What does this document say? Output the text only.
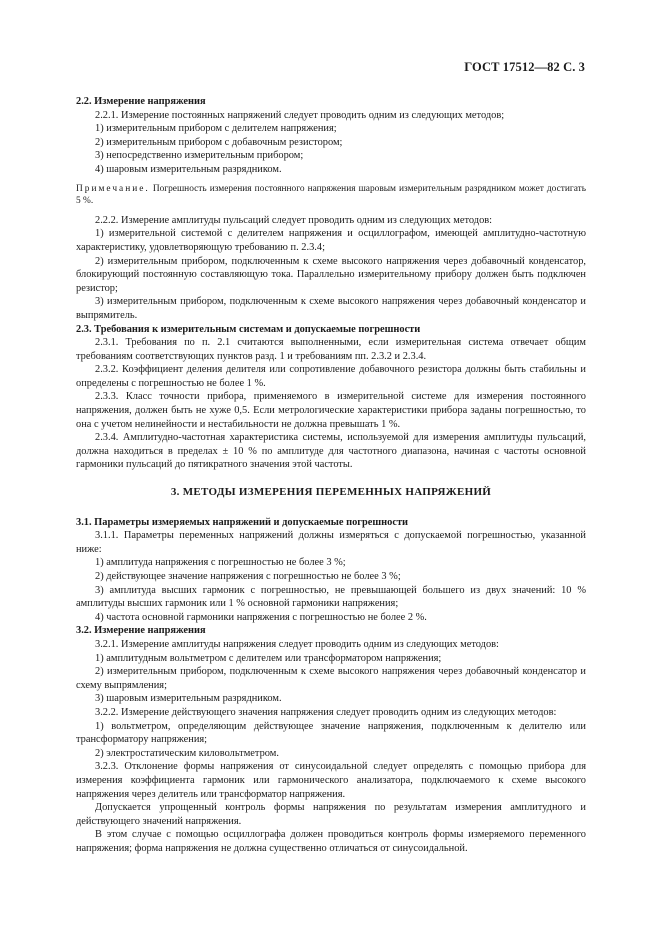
ГОСТ 17512—82 С. 3

2.2. Измерение напряжения

2.2.1. Измерение постоянных напряжений следует проводить одним из следующих методов;

1) измерительным прибором с делителем напряжения;

2) измерительным прибором с добавочным резистором;

3) непосредственно измерительным прибором;

4) шаровым измерительным разрядником.

Примечание. Погрешность измерения постоянного напряжения шаровым измерительным разрядником может достигать 5 %.

2.2.2. Измерение амплитуды пульсаций следует проводить одним из следующих методов:

1) измерительной системой с делителем напряжения и осциллографом, имеющей амплитудно-частотную характеристику, удовлетворяющую требованию п. 2.3.4;

2) измерительным прибором, подключенным к схеме высокого напряжения через добавочный конденсатор, блокирующий постоянную составляющую тока. Параллельно измерительному прибору должен быть подключен резистор;

3) измерительным прибором, подключенным к схеме высокого напряжения через добавочный конденсатор и выпрямитель.

2.3. Требования к измерительным системам и допускаемые погрешности

2.3.1. Требования по п. 2.1 считаются выполненными, если измерительная система отвечает общим требованиям соответствующих пунктов разд. 1 и требованиям пп. 2.3.2 и 2.3.4.

2.3.2. Коэффициент деления делителя или сопротивление добавочного резистора должны быть стабильны и определены с погрешностью не более 1 %.

2.3.3. Класс точности прибора, применяемого в измерительной системе для измерения постоянного напряжения, должен быть не хуже 0,5. Если метрологические характеристики прибора заданы погрешностью, то она с учетом нелинейности и нестабильности не должна превышать 1 %.

2.3.4. Амплитудно-частотная характеристика системы, используемой для измерения амплитуды пульсаций, должна находиться в пределах ± 10 % по амплитуде для частотного диапазона, начиная с частоты основной гармоники пульсаций до пятикратного значения этой частоты.

3. МЕТОДЫ ИЗМЕРЕНИЯ ПЕРЕМЕННЫХ НАПРЯЖЕНИЙ

3.1. Параметры измеряемых напряжений и допускаемые погрешности

3.1.1. Параметры переменных напряжений должны измеряться с допускаемой погрешностью, указанной ниже:

1) амплитуда напряжения с погрешностью не более 3 %;

2) действующее значение напряжения с погрешностью не более 3 %;

3) амплитуда высших гармоник с погрешностью, не превышающей большего из двух значений: 10 % амплитуды высших гармоник или 1 % основной гармоники напряжения;

4) частота основной гармоники напряжения с погрешностью не более 2 %.

3.2. Измерение напряжения

3.2.1. Измерение амплитуды напряжения следует проводить одним из следующих методов:

1) амплитудным вольтметром с делителем или трансформатором напряжения;

2) измерительным прибором, подключенным к схеме высокого напряжения через добавочный конденсатор и схему выпрямления;

3) шаровым измерительным разрядником.

3.2.2. Измерение действующего значения напряжения следует проводить одним из следующих методов:

1) вольтметром, определяющим действующее значение напряжения, подключенным к делителю или трансформатору напряжения;

2) электростатическим киловольтметром.

3.2.3. Отклонение формы напряжения от синусоидальной следует определять с помощью прибора для измерения коэффициента гармоник или гармонического анализатора, подключаемого к схеме высокого напряжения через делитель или трансформатор напряжения.

Допускается упрощенный контроль формы напряжения по результатам измерения амплитудного и действующего значений напряжения.

В этом случае с помощью осциллографа должен проводиться контроль формы измеряемого переменного напряжения; форма напряжения не должна существенно отличаться от синусоидальной.
